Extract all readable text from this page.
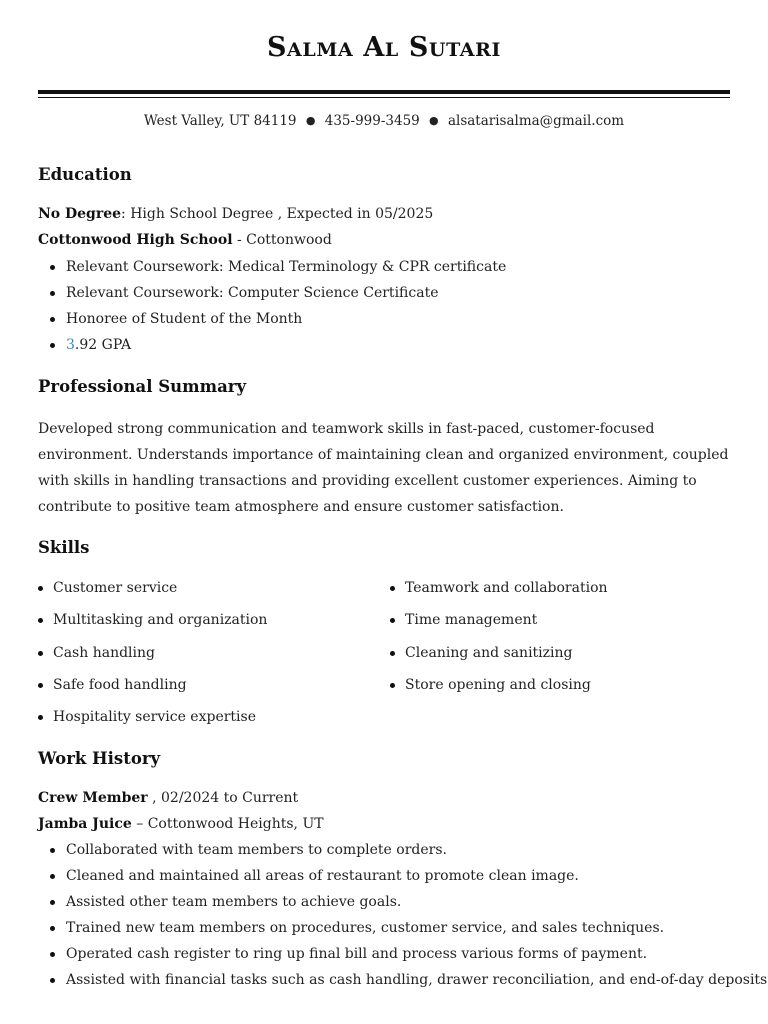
Salma Al Sutari
West Valley, UT 84119 ● 435-999-3459 ● alsatarisalma@gmail.com
Education
No Degree: High School Degree , Expected in 05/2025
Cottonwood High School - Cottonwood
Relevant Coursework: Medical Terminology & CPR certificate
Relevant Coursework: Computer Science Certificate
Honoree of Student of the Month
3.92 GPA
Professional Summary

Developed strong communication and teamwork skills in fast-paced, customer-focused environment. Understands importance of maintaining clean and organized environment, coupled with skills in handling transactions and providing excellent customer experiences. Aiming to contribute to positive team atmosphere and ensure customer satisfaction.

Skills
Customer service
Multitasking and organization
Cash handling
Safe food handling
Hospitality service expertise
Teamwork and collaboration
Time management
Cleaning and sanitizing
Store opening and closing
Work History
Crew Member , 02/2024 to Current
Jamba Juice – Cottonwood Heights, UT
Collaborated with team members to complete orders.
Cleaned and maintained all areas of restaurant to promote clean image.
Assisted other team members to achieve goals.
Trained new team members on procedures, customer service, and sales techniques.
Operated cash register to ring up final bill and process various forms of payment.
Assisted with financial tasks such as cash handling, drawer reconciliation, and end-of-day deposits
